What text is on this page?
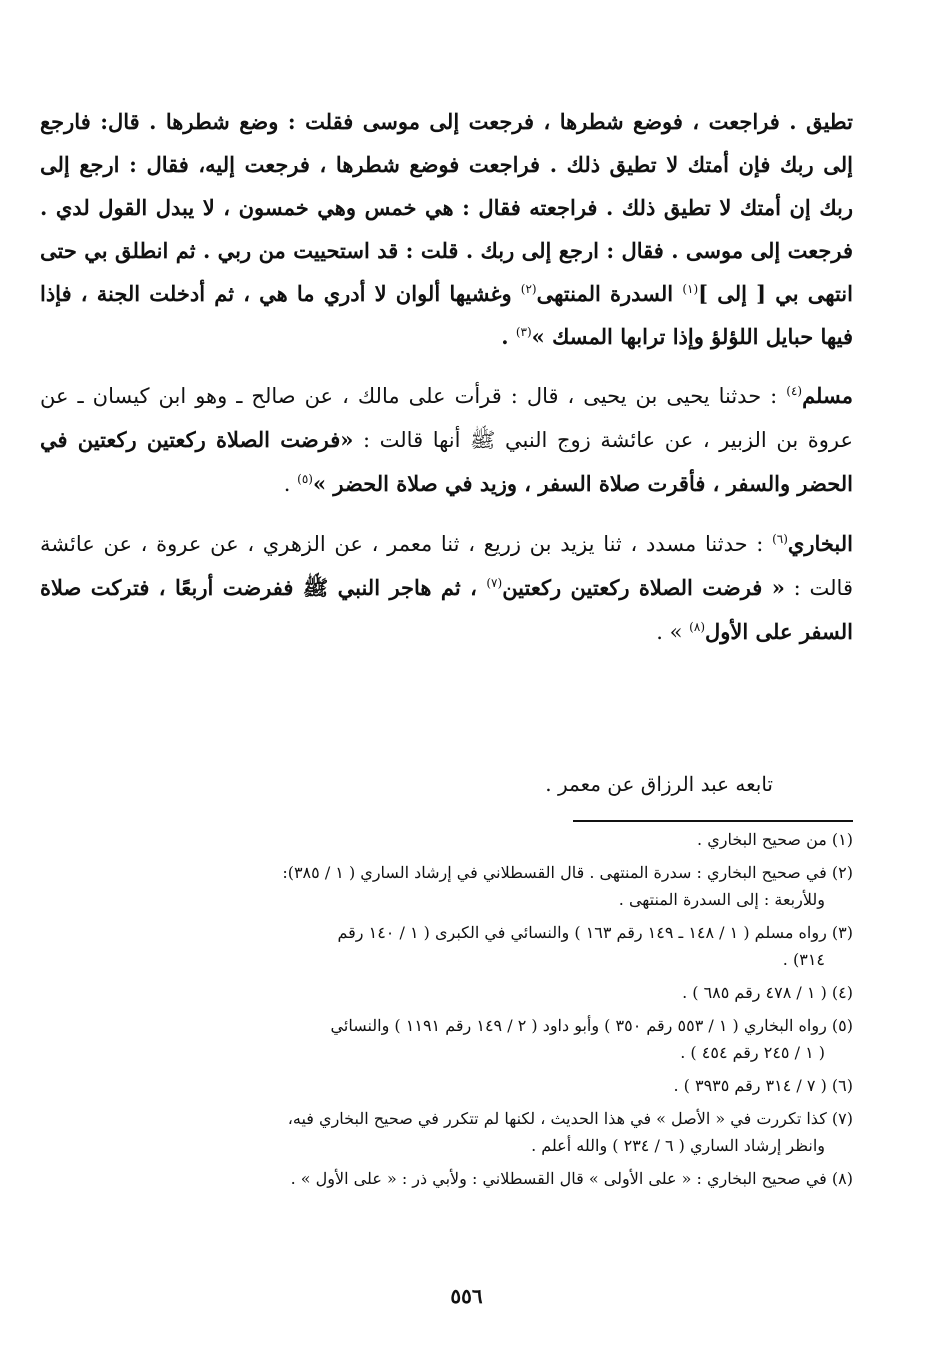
تطيق . فراجعت ، فوضع شطرها ، فرجعت إلى موسى فقلت : وضع شطرها . قال: فارجع إلى ربك فإن أمتك لا تطيق ذلك . فراجعت فوضع شطرها ، فرجعت إليه، فقال : ارجع إلى ربك إن أمتك لا تطيق ذلك . فراجعته فقال : هي خمس وهي خمسون ، لا يبدل القول لدي . فرجعت إلى موسى . فقال : ارجع إلى ربك . قلت : قد استحييت من ربي . ثم انطلق بي حتى انتهى بي [ إلى ]$^{(١)}$ السدرة المنتهى$^{(٢)}$ وغشيها ألوان لا أدري ما هي ، ثم أدخلت الجنة ، فإذا فيها حبايل اللؤلؤ وإذا ترابها المسك »$^{(٣)}$ .

مسلم$^{(٤)}$ : حدثنا يحيى بن يحيى ، قال : قرأت على مالك ، عن صالح ـ وهو ابن كيسان ـ عن عروة بن الزبير ، عن عائشة زوج النبي ﷺ أنها قالت : «فرضت الصلاة ركعتين ركعتين في الحضر والسفر ، فأقرت صلاة السفر ، وزيد في صلاة الحضر »$^{(٥)}$ .

البخاري$^{(٦)}$ : حدثنا مسدد ، ثنا يزيد بن زريع ، ثنا معمر ، عن الزهري ، عن عروة ، عن عائشة قالت : « فرضت الصلاة ركعتين ركعتين$^{(٧)}$ ، ثم هاجر النبي ﷺ ففرضت أربعًا ، فتركت صلاة السفر على الأول$^{(٨)}$ » .

تابعه عبد الرزاق عن معمر .
(١) من صحيح البخاري .
(٢) في صحيح البخاري : سدرة المنتهى . قال القسطلاني في إرشاد الساري ( ١ / ٣٨٥):
وللأربعة : إلى السدرة المنتهى .
(٣) رواه مسلم ( ١ / ١٤٨ ـ ١٤٩ رقم ١٦٣ ) والنسائي في الكبرى ( ١ / ١٤٠ رقم
٣١٤) .
(٤) ( ١ / ٤٧٨ رقم ٦٨٥ ) .
(٥) رواه البخاري ( ١ / ٥٥٣ رقم ٣٥٠ ) وأبو داود ( ٢ / ١٤٩ رقم ١١٩١ ) والنسائي
( ١ / ٢٤٥ رقم ٤٥٤ ) .
(٦) ( ٧ / ٣١٤ رقم ٣٩٣٥ ) .
(٧) كذا تكررت في « الأصل » في هذا الحديث ، لكنها لم تتكرر في صحيح البخاري فيه،
وانظر إرشاد الساري ( ٦ / ٢٣٤ ) والله أعلم .
(٨) في صحيح البخاري : « على الأولى » قال القسطلاني : ولأبي ذر : « على الأول » .
٥٥٦
